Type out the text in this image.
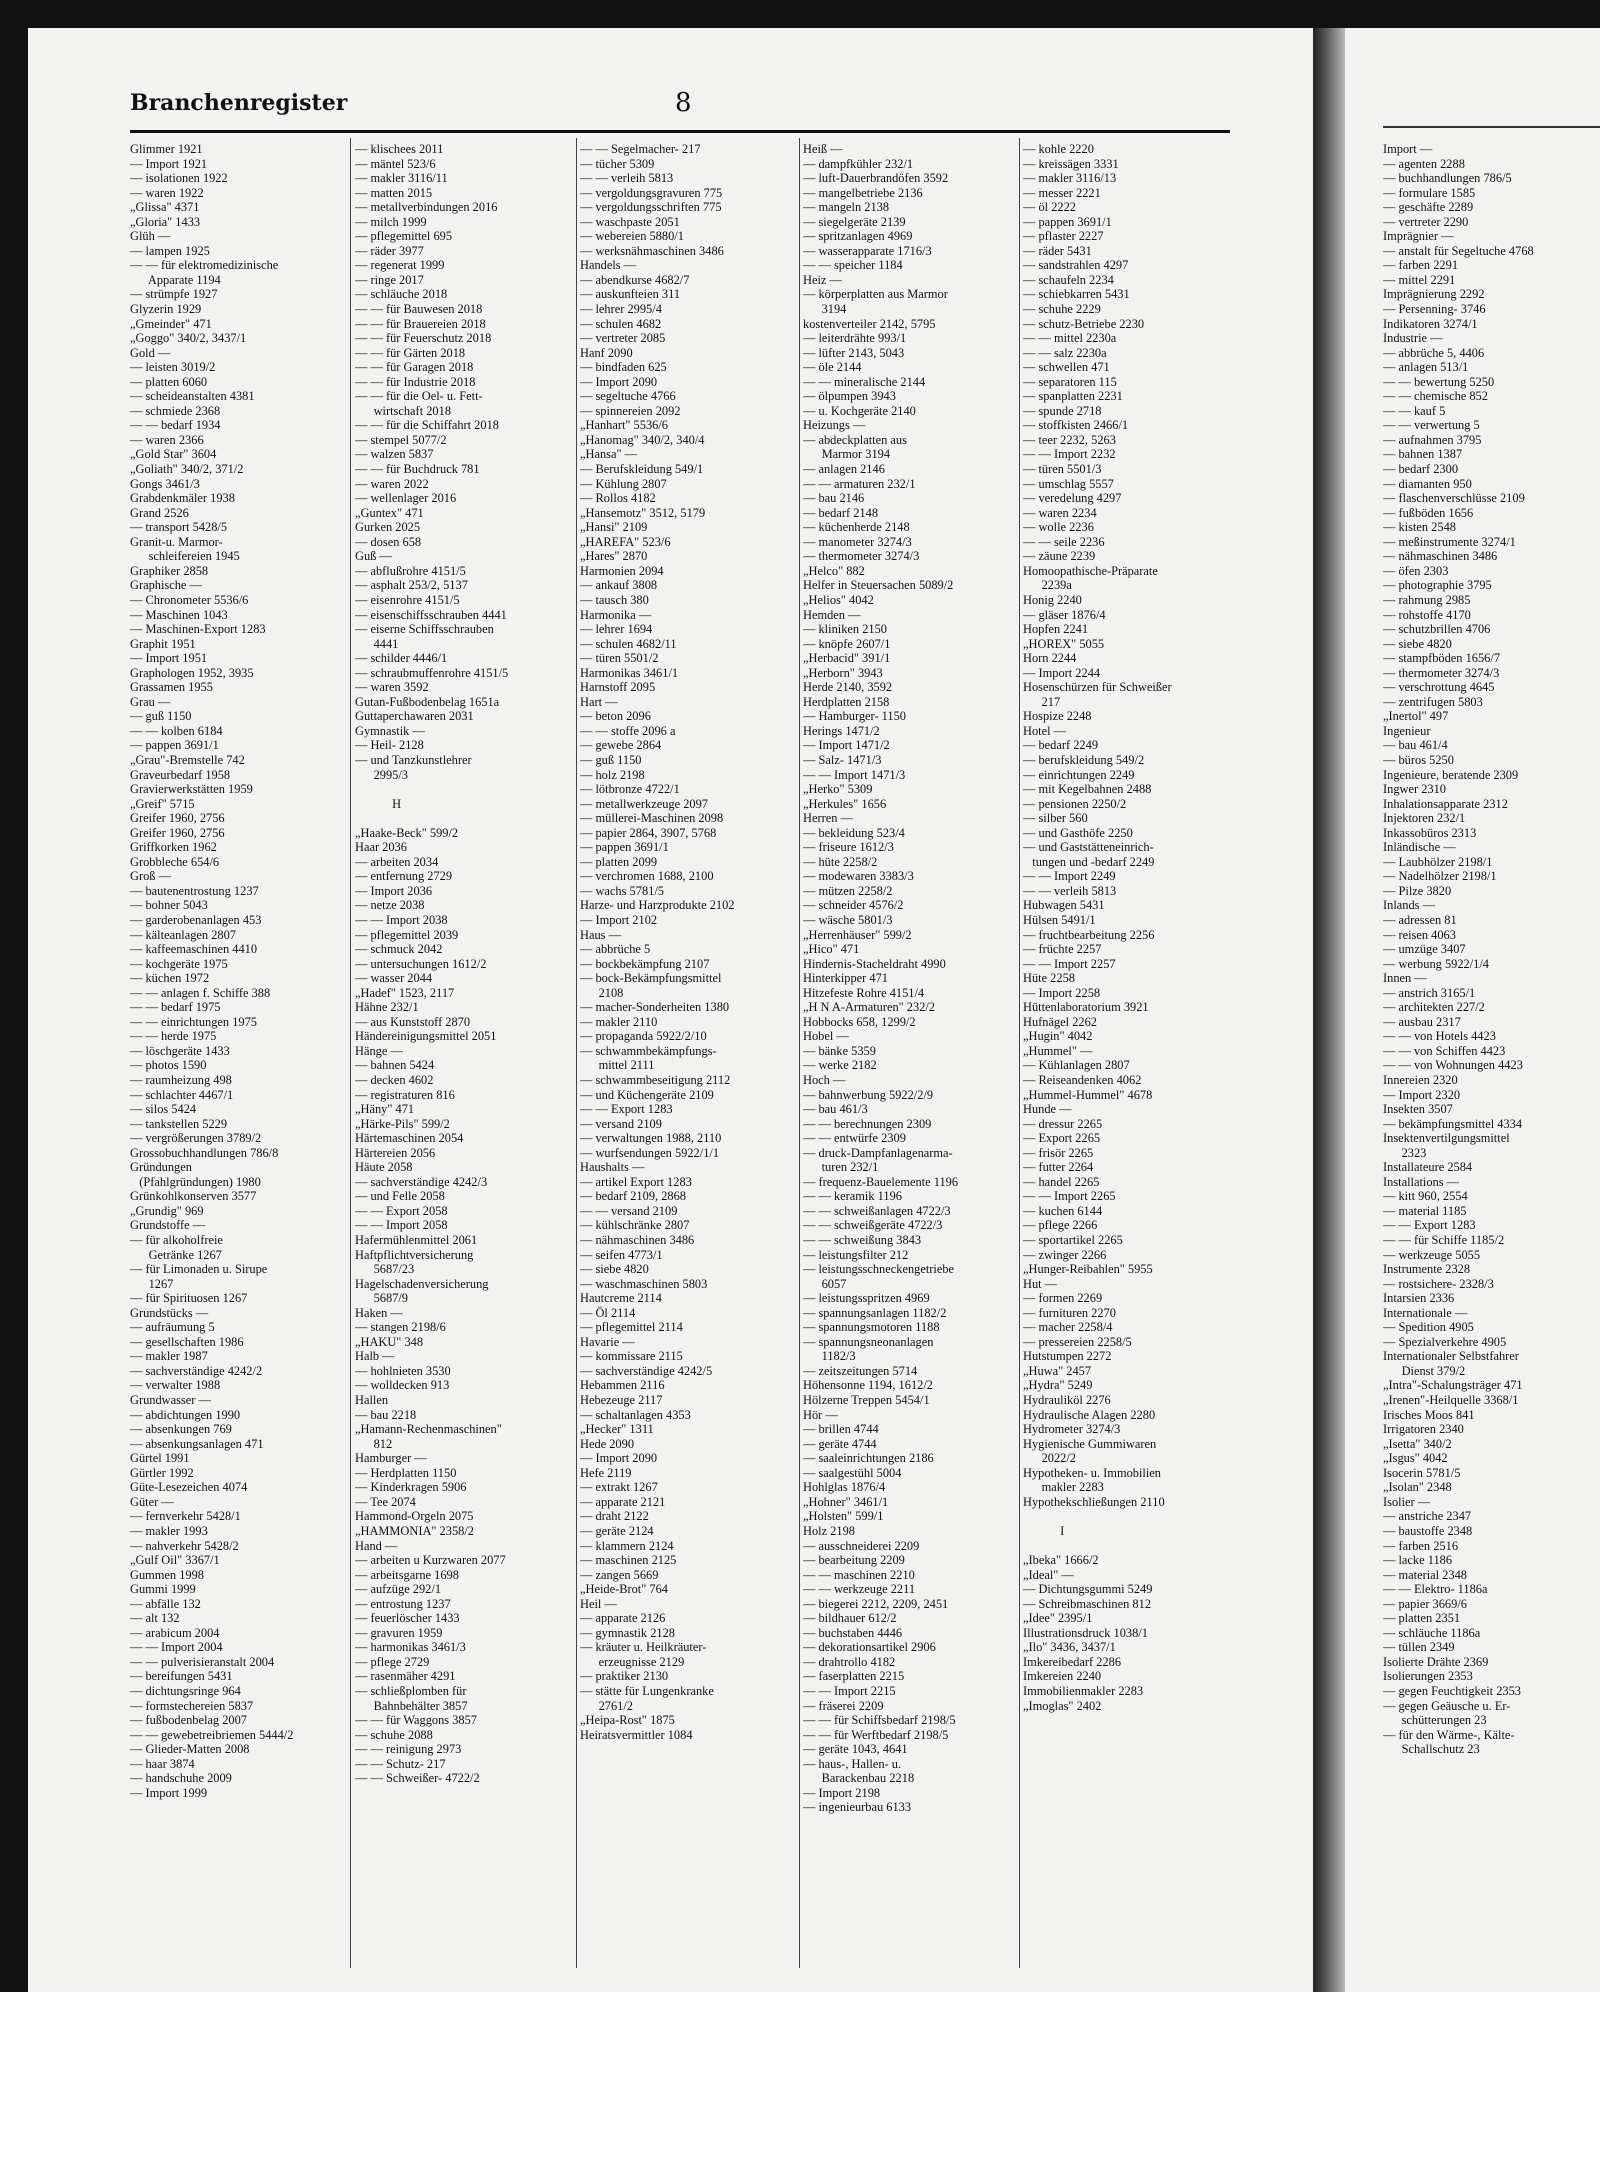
Branchenregister	8
Glimmer 1921
— Import 1921
— isolationen 1922
— waren 1922
„Glissa" 4371
„Gloria" 1433
Glüh —
— lampen 1925
— — für elektromedizinische
Apparate 1194
— strümpfe 1927
Glyzerin 1929
„Gmeinder" 471
„Goggo" 340/2, 3437/1
Gold —
— leisten 3019/2
— platten 6060
— scheideanstalten 4381
— schmiede 2368
— — bedarf 1934
— waren 2366
„Gold Star" 3604
„Goliath" 340/2, 371/2
Gongs 3461/3
Grabdenkmäler 1938
Grand 2526
— transport 5428/5
Granit-u. Marmor-
schleifereien 1945
Graphiker 2858
Graphische —
— Chronometer 5536/6
— Maschinen 1043
— Maschinen-Export 1283
Graphit 1951
— Import 1951
Graphologen 1952, 3935
Grassamen 1955
Grau —
— guß 1150
— — kolben 6184
— pappen 3691/1
„Grau"-Bremstelle 742
Graveurbedarf 1958
Gravierwerkstätten 1959
„Greif" 5715
Greifer 1960, 2756
Greifer 1960, 2756
Griffkorken 1962
Grobbleche 654/6
Groß —
— bautenentrostung 1237
— bohner 5043
— garderobenanlagen 453
— kälteanlagen 2807
— kaffeemaschinen 4410
— kochgeräte 1975
— küchen 1972
— — anlagen f. Schiffe 388
— — bedarf 1975
— — einrichtungen 1975
— — herde 1975
— löschgeräte 1433
— photos 1590
— raumheizung 498
— schlachter 4467/1
— silos 5424
— tankstellen 5229
— vergrößerungen 3789/2
Grossobuchhandlungen 786/8
Gründungen
(Pfahlgründungen) 1980
Grünkohlkonserven 3577
„Grundig" 969
Grundstoffe —
— für alkoholfreie
Getränke 1267
— für Limonaden u. Sirupe
1267
— für Spirituosen 1267
Grundstücks —
— aufräumung 5
— gesellschaften 1986
— makler 1987
— sachverständige 4242/2
— verwalter 1988
Grundwasser —
— abdichtungen 1990
— absenkungen 769
— absenkungsanlagen 471
Gürtel 1991
Gürtler 1992
Güte-Lesezeichen 4074
Güter —
— fernverkehr 5428/1
— makler 1993
— nahverkehr 5428/2
„Gulf Oil" 3367/1
Gummen 1998
Gummi 1999
— abfälle 132
— alt 132
— arabicum 2004
— — Import 2004
— — pulverisieranstalt 2004
— bereifungen 5431
— dichtungsringe 964
— formstechereien 5837
— fußbodenbelag 2007
— — gewebetreibriemen 5444/2
— Glieder-Matten 2008
— haar 3874
— handschuhe 2009
— Import 1999
— klischees 2011
— mäntel 523/6
— makler 3116/11
— matten 2015
— metallverbindungen 2016
— milch 1999
— pflegemittel 695
— räder 3977
— regenerat 1999
— ringe 2017
— schläuche 2018
— — für Bauwesen 2018
— — für Brauereien 2018
— — für Feuerschutz 2018
— — für Gärten 2018
— — für Garagen 2018
— — für Industrie 2018
— — für die Oel- u. Fett-
wirtschaft 2018
— — für die Schiffahrt 2018
— stempel 5077/2
— walzen 5837
— — für Buchdruck 781
— waren 2022
— wellenlager 2016
„Guntex" 471
Gurken 2025
— dosen 658
Guß —
— abflußrohre 4151/5
— asphalt 253/2, 5137
— eisenrohre 4151/5
— eisenschiffsschrauben 4441
— eiserne Schiffsschrauben
4441
— schilder 4446/1
— schraubmuffenrohre 4151/5
— waren 3592
Gutan-Fußbodenbelag 1651a
Guttaperchawaren 2031
Gymnastik —
— Heil- 2128
— und Tanzkunstlehrer
2995/3

H

„Haake-Beck" 599/2
Haar 2036
— arbeiten 2034
— entfernung 2729
— Import 2036
— netze 2038
— — Import 2038
— pflegemittel 2039
— schmuck 2042
— untersuchungen 1612/2
— wasser 2044
„Hadef" 1523, 2117
Hähne 232/1
— aus Kunststoff 2870
Händereinigungsmittel 2051
Hänge —
— bahnen 5424
— decken 4602
— registraturen 816
„Häny" 471
„Härke-Pils" 599/2
Härtemaschinen 2054
Härtereien 2056
Häute 2058
— sachverständige 4242/3
— und Felle 2058
— — Export 2058
— — Import 2058
Hafermühlenmittel 2061
Haftpflichtversicherung
5687/23
Hagelschadenversicherung
5687/9
Haken —
— stangen 2198/6
„HAKU" 348
Halb —
— hohlnieten 3530
— wolldecken 913
Hallen
— bau 2218
„Hamann-Rechenmaschinen"
812
Hamburger —
— Herdplatten 1150
— Kinderkragen 5906
— Tee 2074
Hammond-Orgeln 2075
„HAMMONIA" 2358/2
Hand —
— arbeiten u Kurzwaren 2077
— arbeitsgarne 1698
— aufzüge 292/1
— entrostung 1237
— feuerlöscher 1433
— gravuren 1959
— harmonikas 3461/3
— pflege 2729
— rasenmäher 4291
— schließplomben für
Bahnbehälter 3857
— — für Waggons 3857
— schuhe 2088
— — reinigung 2973
— — Schutz- 217
— — Schweißer- 4722/2
— — Segelmacher- 217
— tücher 5309
— — verleih 5813
— vergoldungsgravuren 775
— vergoldungsschriften 775
— waschpaste 2051
— webereien 5880/1
— werksnähmaschinen 3486
Handels —
— abendkurse 4682/7
— auskunfteien 311
— lehrer 2995/4
— schulen 4682
— vertreter 2085
Hanf 2090
— bindfaden 625
— Import 2090
— segeltuche 4766
— spinnereien 2092
„Hanhart" 5536/6
„Hanomag" 340/2, 340/4
„Hansa" —
— Berufskleidung 549/1
— Kühlung 2807
— Rollos 4182
„Hansemotz" 3512, 5179
„Hansi" 2109
„HAREFA" 523/6
„Hares" 2870
Harmonien 2094
— ankauf 3808
— tausch 380
Harmonika —
— lehrer 1694
— schulen 4682/11
— türen 5501/2
Harmonikas 3461/1
Harnstoff 2095
Hart —
— beton 2096
— — stoffe 2096 a
— gewebe 2864
— guß 1150
— holz 2198
— lötbronze 4722/1
— metallwerkzeuge 2097
— müllerei-Maschinen 2098
— papier 2864, 3907, 5768
— pappen 3691/1
— platten 2099
— verchromen 1688, 2100
— wachs 5781/5
Harze- und Harzprodukte 2102
— Import 2102
Haus —
— abbrüche 5
— bockbekämpfung 2107
— bock-Bekämpfungsmittel
2108
— macher-Sonderheiten 1380
— makler 2110
— propaganda 5922/2/10
— schwammbekämpfungs-
mittel 2111
— schwammbeseitigung 2112
— und Küchengeräte 2109
— — Export 1283
— versand 2109
— verwaltungen 1988, 2110
— wurfsendungen 5922/1/1
Haushalts —
— artikel Export 1283
— bedarf 2109, 2868
— — versand 2109
— kühlschränke 2807
— nähmaschinen 3486
— seifen 4773/1
— siebe 4820
— waschmaschinen 5803
Hautcreme 2114
— Öl 2114
— pflegemittel 2114
Havarie —
— kommissare 2115
— sachverständige 4242/5
Hebammen 2116
Hebezeuge 2117
— schaltanlagen 4353
„Hecker" 1311
Hede 2090
— Import 2090
Hefe 2119
— extrakt 1267
— apparate 2121
— draht 2122
— geräte 2124
— klammern 2124
— maschinen 2125
— zangen 5669
„Heide-Brot" 764
Heil —
— apparate 2126
— gymnastik 2128
— kräuter u. Heilkräuter-
erzeugnisse 2129
— praktiker 2130
— stätte für Lungenkranke
2761/2
„Heipa-Rost" 1875
Heiratsvermittler 1084
Heiß —
— dampfkühler 232/1
— luft-Dauerbrandöfen 3592
— mangelbetriebe 2136
— mangeln 2138
— siegelgeräte 2139
— spritzanlagen 4969
— wasserapparate 1716/3
— — speicher 1184
Heiz —
— körperplatten aus Marmor
3194
kostenverteiler 2142, 5795
— leiterdrähte 993/1
— lüfter 2143, 5043
— öle 2144
— — mineralische 2144
— ölpumpen 3943
— u. Kochgeräte 2140
Heizungs —
— abdeckplatten aus
Marmor 3194
— anlagen 2146
— — armaturen 232/1
— bau 2146
— bedarf 2148
— küchenherde 2148
— manometer 3274/3
— thermometer 3274/3
„Helco" 882
Helfer in Steuersachen 5089/2
„Helios" 4042
Hemden —
— kliniken 2150
— knöpfe 2607/1
„Herbacid" 391/1
„Herborn" 3943
Herde 2140, 3592
Herdplatten 2158
— Hamburger- 1150
Herings 1471/2
— Import 1471/2
— Salz- 1471/3
— — Import 1471/3
„Herko" 5309
„Herkules" 1656
Herren —
— bekleidung 523/4
— friseure 1612/3
— hüte 2258/2
— modewaren 3383/3
— mützen 2258/2
— schneider 4576/2
— wäsche 5801/3
„Herrenhäuser" 599/2
„Hico" 471
Hindernis-Stacheldraht 4990
Hinterkipper 471
Hitzefeste Rohre 4151/4
„H N A-Armaturen" 232/2
Hobbocks 658, 1299/2
Hobel —
— bänke 5359
— werke 2182
Hoch —
— bahnwerbung 5922/2/9
— bau 461/3
— — berechnungen 2309
— — entwürfe 2309
— druck-Dampfanlagenarma-
turen 232/1
— frequenz-Bauelemente 1196
— — keramik 1196
— — schweißanlagen 4722/3
— — schweißgeräte 4722/3
— — schweißung 3843
— leistungsfilter 212
— leistungsschneckengetriebe
6057
— leistungsspritzen 4969
— spannungsanlagen 1182/2
— spannungsmotoren 1188
— spannungsneonanlagen
1182/3
— zeitszeitungen 5714
Höhensonne 1194, 1612/2
Hölzerne Treppen 5454/1
Hör —
— brillen 4744
— geräte 4744
— saaleinrichtungen 2186
— saalgestühl 5004
Hohlglas 1876/4
„Hohner" 3461/1
„Holsten" 599/1
Holz 2198
— ausschneiderei 2209
— bearbeitung 2209
— — maschinen 2210
— — werkzeuge 2211
— biegerei 2212, 2209, 2451
— bildhauer 612/2
— buchstaben 4446
— dekorationsartikel 2906
— drahtrollo 4182
— faserplatten 2215
— — Import 2215
— fräserei 2209
— — für Schiffsbedarf 2198/5
— — für Werftbedarf 2198/5
— geräte 1043, 4641
— haus-, Hallen- u.
Barackenbau 2218
— Import 2198
— ingenieurbau 6133
— kohle 2220
— kreissägen 3331
— makler 3116/13
— messer 2221
— öl 2222
— pappen 3691/1
— pflaster 2227
— räder 5431
— sandstrahlen 4297
— schaufeln 2234
— schiebkarren 5431
— schuhe 2229
— schutz-Betriebe 2230
— — mittel 2230a
— — salz 2230a
— schwellen 471
— separatoren 115
— spanplatten 2231
— spunde 2718
— stoffkisten 2466/1
— teer 2232, 5263
— — Import 2232
— türen 5501/3
— umschlag 5557
— veredelung 4297
— waren 2234
— wolle 2236
— — seile 2236
— zäune 2239
Homoopathische-Präparate
2239a
Honig 2240
— gläser 1876/4
Hopfen 2241
„HOREX" 5055
Horn 2244
— Import 2244
Hosenschürzen für Schweißer
217
Hospize 2248
Hotel —
— bedarf 2249
— berufskleidung 549/2
— einrichtungen 2249
— mit Kegelbahnen 2488
— pensionen 2250/2
— silber 560
— und Gasthöfe 2250
— und Gaststätteneinrich-
tungen und -bedarf 2249
— — Import 2249
— — verleih 5813
Hubwagen 5431
Hülsen 5491/1
— fruchtbearbeitung 2256
— früchte 2257
— — Import 2257
Hüte 2258
— Import 2258
Hüttenlaboratorium 3921
Hufnägel 2262
„Hugin" 4042
„Hummel" —
— Kühlanlagen 2807
— Reiseandenken 4062
„Hummel-Hummel" 4678
Hunde —
— dressur 2265
— Export 2265
— frisör 2265
— futter 2264
— handel 2265
— — Import 2265
— kuchen 6144
— pflege 2266
— sportartikel 2265
— zwinger 2266
„Hunger-Reibahlen" 5955
Hut —
— formen 2269
— furnituren 2270
— macher 2258/4
— pressereien 2258/5
Hutstumpen 2272
„Huwa" 2457
„Hydra" 5249
Hydrauliköl 2276
Hydraulische Alagen 2280
Hydrometer 3274/3
Hygienische Gummiwaren
2022/2
Hypotheken- u. Immobilien
makler 2283
Hypothekschließungen 2110

I

„Ibeka" 1666/2
„Ideal" —
— Dichtungsgummi 5249
— Schreibmaschinen 812
„Idee" 2395/1
Illustrationsdruck 1038/1
„Ilo" 3436, 3437/1
Imkereibedarf 2286
Imkereien 2240
Immobilienmakler 2283
„Imoglas" 2402
Import —
— agenten 2288
— buchhandlungen 786/5
— formulare 1585
— geschäfte 2289
— vertreter 2290
Imprägnier —
— anstalt für Segeltuche 4768
— farben 2291
— mittel 2291
Imprägnierung 2292
— Persenning- 3746
Indikatoren 3274/1
Industrie —
— abbrüche 5, 4406
— anlagen 513/1
— — bewertung 5250
— — chemische 852
— — kauf 5
— — verwertung 5
— aufnahmen 3795
— bahnen 1387
— bedarf 2300
— diamanten 950
— flaschenverschlüsse 2109
— fußböden 1656
— kisten 2548
— meßinstrumente 3274/1
— nähmaschinen 3486
— öfen 2303
— photographie 3795
— rahmung 2985
— rohstoffe 4170
— schutzbrillen 4706
— siebe 4820
— stampfböden 1656/7
— thermometer 3274/3
— verschrottung 4645
— zentrifugen 5803
„Inertol" 497
Ingenieur
— bau 461/4
— büros 5250
Ingenieure, beratende 2309
Ingwer 2310
Inhalationsapparate 2312
Injektoren 232/1
Inkassobüros 2313
Inländische —
— Laubhölzer 2198/1
— Nadelhölzer 2198/1
— Pilze 3820
Inlands —
— adressen 81
— reisen 4063
— umzüge 3407
— werbung 5922/1/4
Innen —
— anstrich 3165/1
— architekten 227/2
— ausbau 2317
— — von Hotels 4423
— — von Schiffen 4423
— — von Wohnungen 4423
Innereien 2320
— Import 2320
Insekten 3507
— bekämpfungsmittel 4334
Insektenvertilgungsmittel
2323
Installateure 2584
Installations —
— kitt 960, 2554
— material 1185
— — Export 1283
— — für Schiffe 1185/2
— werkzeuge 5055
Instrumente 2328
— rostsichere- 2328/3
Intarsien 2336
Internationale —
— Spedition 4905
— Spezialverkehre 4905
Internationaler Selbstfahrer
Dienst 379/2
„Intra"-Schalungsträger 471
„Irenen"-Heilquelle 3368/1
Irisches Moos 841
Irrigatoren 2340
„Isetta" 340/2
„Isgus" 4042
Isocerin 5781/5
„Isolan" 2348
Isolier —
— anstriche 2347
— baustoffe 2348
— farben 2516
— lacke 1186
— material 2348
— — Elektro- 1186a
— papier 3669/6
— platten 2351
— schläuche 1186a
— tüllen 2349
Isolierte Drähte 2369
Isolierungen 2353
— gegen Feuchtigkeit 2353
— gegen Geäusche u. Er-
schütterungen 23
— für den Wärme-, Kälte-
Schallschutz 23
